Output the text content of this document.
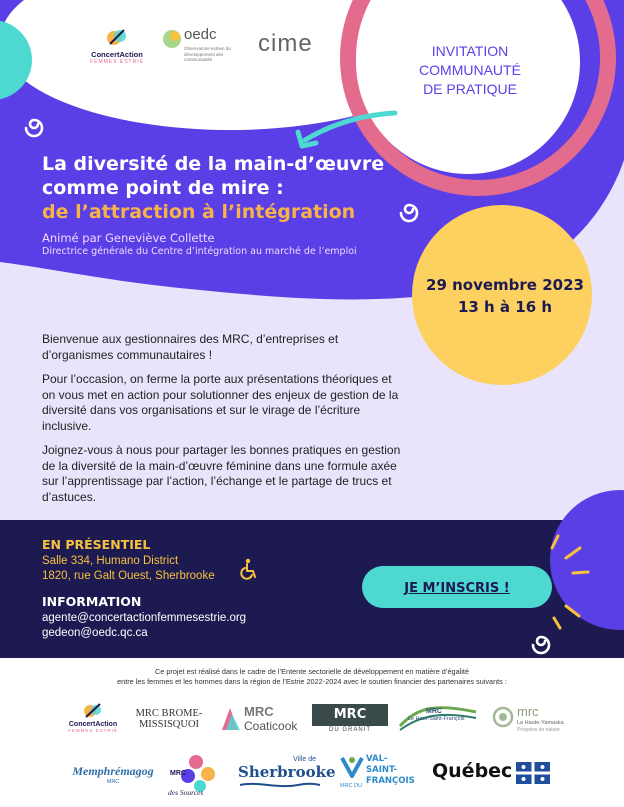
ConcertAction
FEMMES ESTRIE
oedc
Observatoire estrien du développement des communautés
cime	INVITATION
COMMUNAUTÉ
DE PRATIQUE
La diversité de la main-d’œuvre
comme point de mire :
de l’attraction à l’intégration
Animé par Geneviève Collette
Directrice générale du Centre d’intégration au marché de l’emploi
29 novembre 2023
13 h à 16 h

Bienvenue aux gestionnaires des MRC, d’entreprises et d’organismes communautaires !

Pour l’occasion, on ferme la porte aux présentations théoriques et on vous met en action pour solutionner des enjeux de gestion de la diversité dans vos organisations et sur le virage de l’écriture inclusive.

Joignez-vous à nous pour partager les bonnes pratiques en gestion de la diversité de la main-d’œuvre féminine dans une formule axée sur l’apprentissage par l’action, l’échange et le partage de trucs et d’astuces.

EN PRÉSENTIEL
Salle 334, Humano District
1820, rue Galt Ouest, Sherbrooke
INFORMATION
agente@concertactionfemmesestrie.org
gedeon@oedc.qc.ca
JE M’INSCRIS !
Ce projet est réalisé dans le cadre de l’Entente sectorielle de développement en matière d’égalité
entre les femmes et les hommes dans la région de l’Estrie 2022-2024 avec le soutien financier des partenaires suivants :
ConcertAction
FEMMES ESTRIE
MRC BROME-
MISSISQUOI
MRC
Coaticook
MRC
DU GRANIT
MRC
Le Haut-Saint-François	mrc
La Haute-Yamaska
Prospère de nature
Memphrémagog
MRC
MRC
des Sources
Ville de
Sherbrooke
VAL-
SAINT-
FRANÇOIS
MRC DU
Québec
